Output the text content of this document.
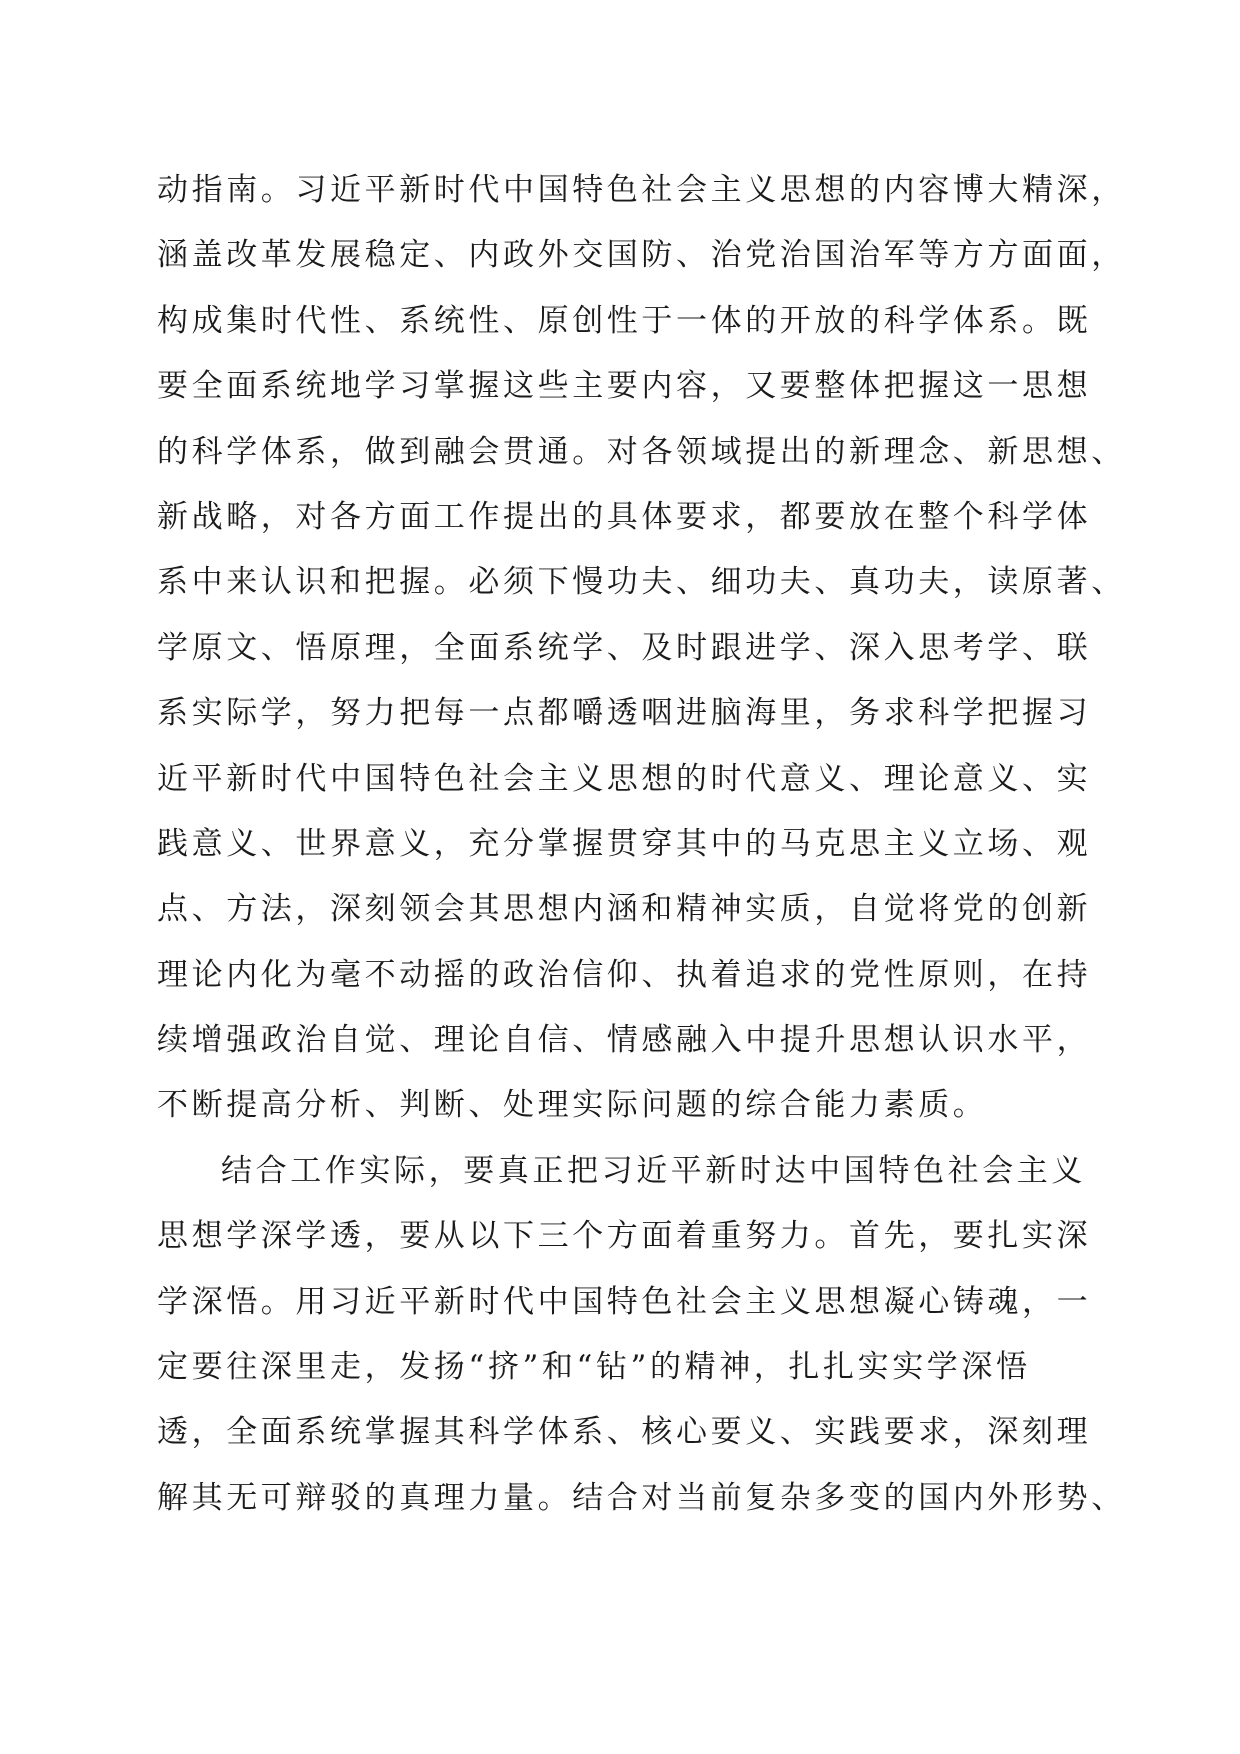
动指南。习近平新时代中国特色社会主义思想的内容博大精深，
涵盖改革发展稳定、内政外交国防、治党治国治军等方方面面，
构成集时代性、系统性、原创性于一体的开放的科学体系。既
要全面系统地学习掌握这些主要内容，又要整体把握这一思想
的科学体系，做到融会贯通。对各领域提出的新理念、新思想、
新战略，对各方面工作提出的具体要求，都要放在整个科学体
系中来认识和把握。必须下慢功夫、细功夫、真功夫，读原著、
学原文、悟原理，全面系统学、及时跟进学、深入思考学、联
系实际学，努力把每一点都嚼透咽进脑海里，务求科学把握习
近平新时代中国特色社会主义思想的时代意义、理论意义、实
践意义、世界意义，充分掌握贯穿其中的马克思主义立场、观
点、方法，深刻领会其思想内涵和精神实质，自觉将党的创新
理论内化为毫不动摇的政治信仰、执着追求的党性原则，在持
续增强政治自觉、理论自信、情感融入中提升思想认识水平，
不断提高分析、判断、处理实际问题的综合能力素质。
结合工作实际，要真正把习近平新时达中国特色社会主义
思想学深学透，要从以下三个方面着重努力。首先，要扎实深
学深悟。用习近平新时代中国特色社会主义思想凝心铸魂，一
定要往深里走，发扬“挤”和“钻”的精神，扎扎实实学深悟
透，全面系统掌握其科学体系、核心要义、实践要求，深刻理
解其无可辩驳的真理力量。结合对当前复杂多变的国内外形势、
